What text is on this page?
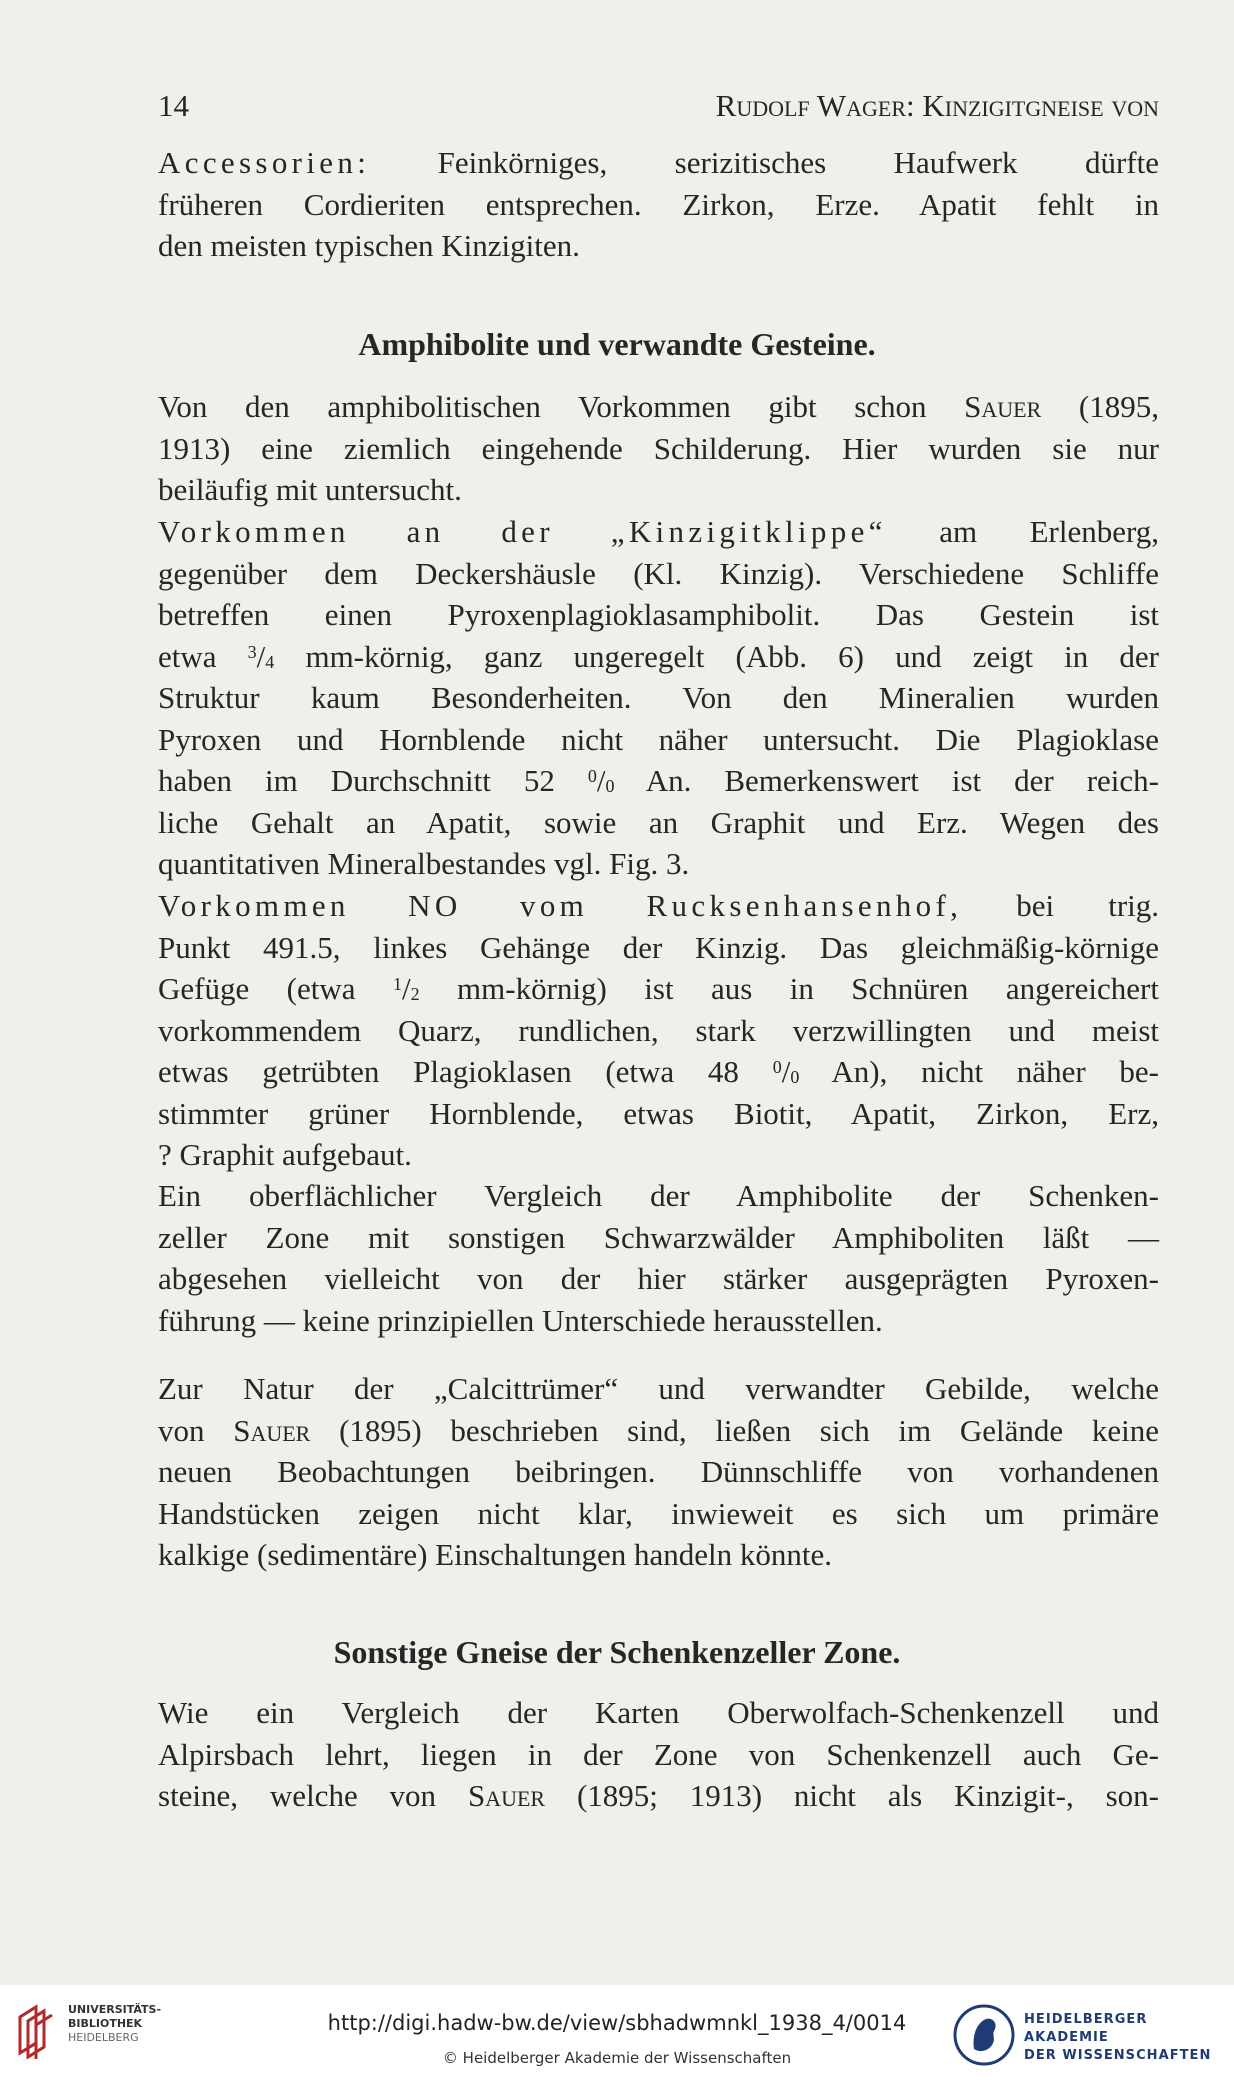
14	Rudolf Wager: Kinzigitgneise von
Accessorien: Feinkörniges, serizitisches Haufwerk dürfte
früheren Cordieriten entsprechen. Zirkon, Erze. Apatit fehlt in
den meisten typischen Kinzigiten.
Amphibolite und verwandte Gesteine.
Von den amphibolitischen Vorkommen gibt schon Sauer (1895,
1913) eine ziemlich eingehende Schilderung. Hier wurden sie nur
beiläufig mit untersucht.
Vorkommen an der „Kinzigitklippe“ am Erlenberg,
gegenüber dem Deckershäusle (Kl. Kinzig). Verschiedene Schliffe
betreffen einen Pyroxenplagioklasamphibolit. Das Gestein ist
etwa $^3/_4$ mm-körnig, ganz ungeregelt (Abb. 6) und zeigt in der
Struktur kaum Besonderheiten. Von den Mineralien wurden
Pyroxen und Hornblende nicht näher untersucht. Die Plagioklase
haben im Durchschnitt 52 $^0/_0$ An. Bemerkenswert ist der reich-
liche Gehalt an Apatit, sowie an Graphit und Erz. Wegen des
quantitativen Mineralbestandes vgl. Fig. 3.
Vorkommen NO vom Rucksenhansenhof, bei trig.
Punkt 491.5, linkes Gehänge der Kinzig. Das gleichmäßig-körnige
Gefüge (etwa $^1/_2$ mm-körnig) ist aus in Schnüren angereichert
vorkommendem Quarz, rundlichen, stark verzwillingten und meist
etwas getrübten Plagioklasen (etwa 48 $^0/_0$ An), nicht näher be-
stimmter grüner Hornblende, etwas Biotit, Apatit, Zirkon, Erz,
? Graphit aufgebaut.
Ein oberflächlicher Vergleich der Amphibolite der Schenken-
zeller Zone mit sonstigen Schwarzwälder Amphiboliten läßt —
abgesehen vielleicht von der hier stärker ausgeprägten Pyroxen-
führung — keine prinzipiellen Unterschiede herausstellen.
Zur Natur der „Calcittrümer“ und verwandter Gebilde, welche
von Sauer (1895) beschrieben sind, ließen sich im Gelände keine
neuen Beobachtungen beibringen. Dünnschliffe von vorhandenen
Handstücken zeigen nicht klar, inwieweit es sich um primäre
kalkige (sedimentäre) Einschaltungen handeln könnte.
Sonstige Gneise der Schenkenzeller Zone.
Wie ein Vergleich der Karten Oberwolfach-Schenkenzell und
Alpirsbach lehrt, liegen in der Zone von Schenkenzell auch Ge-
steine, welche von Sauer (1895; 1913) nicht als Kinzigit-, son-
UNIVERSITÄTS-
BIBLIOTHEK
HEIDELBERG
http://digi.hadw-bw.de/view/sbhadwmnkl_1938_4/0014
© Heidelberger Akademie der Wissenschaften
HEIDELBERGER AKADEMIE
DER WISSENSCHAFTEN
